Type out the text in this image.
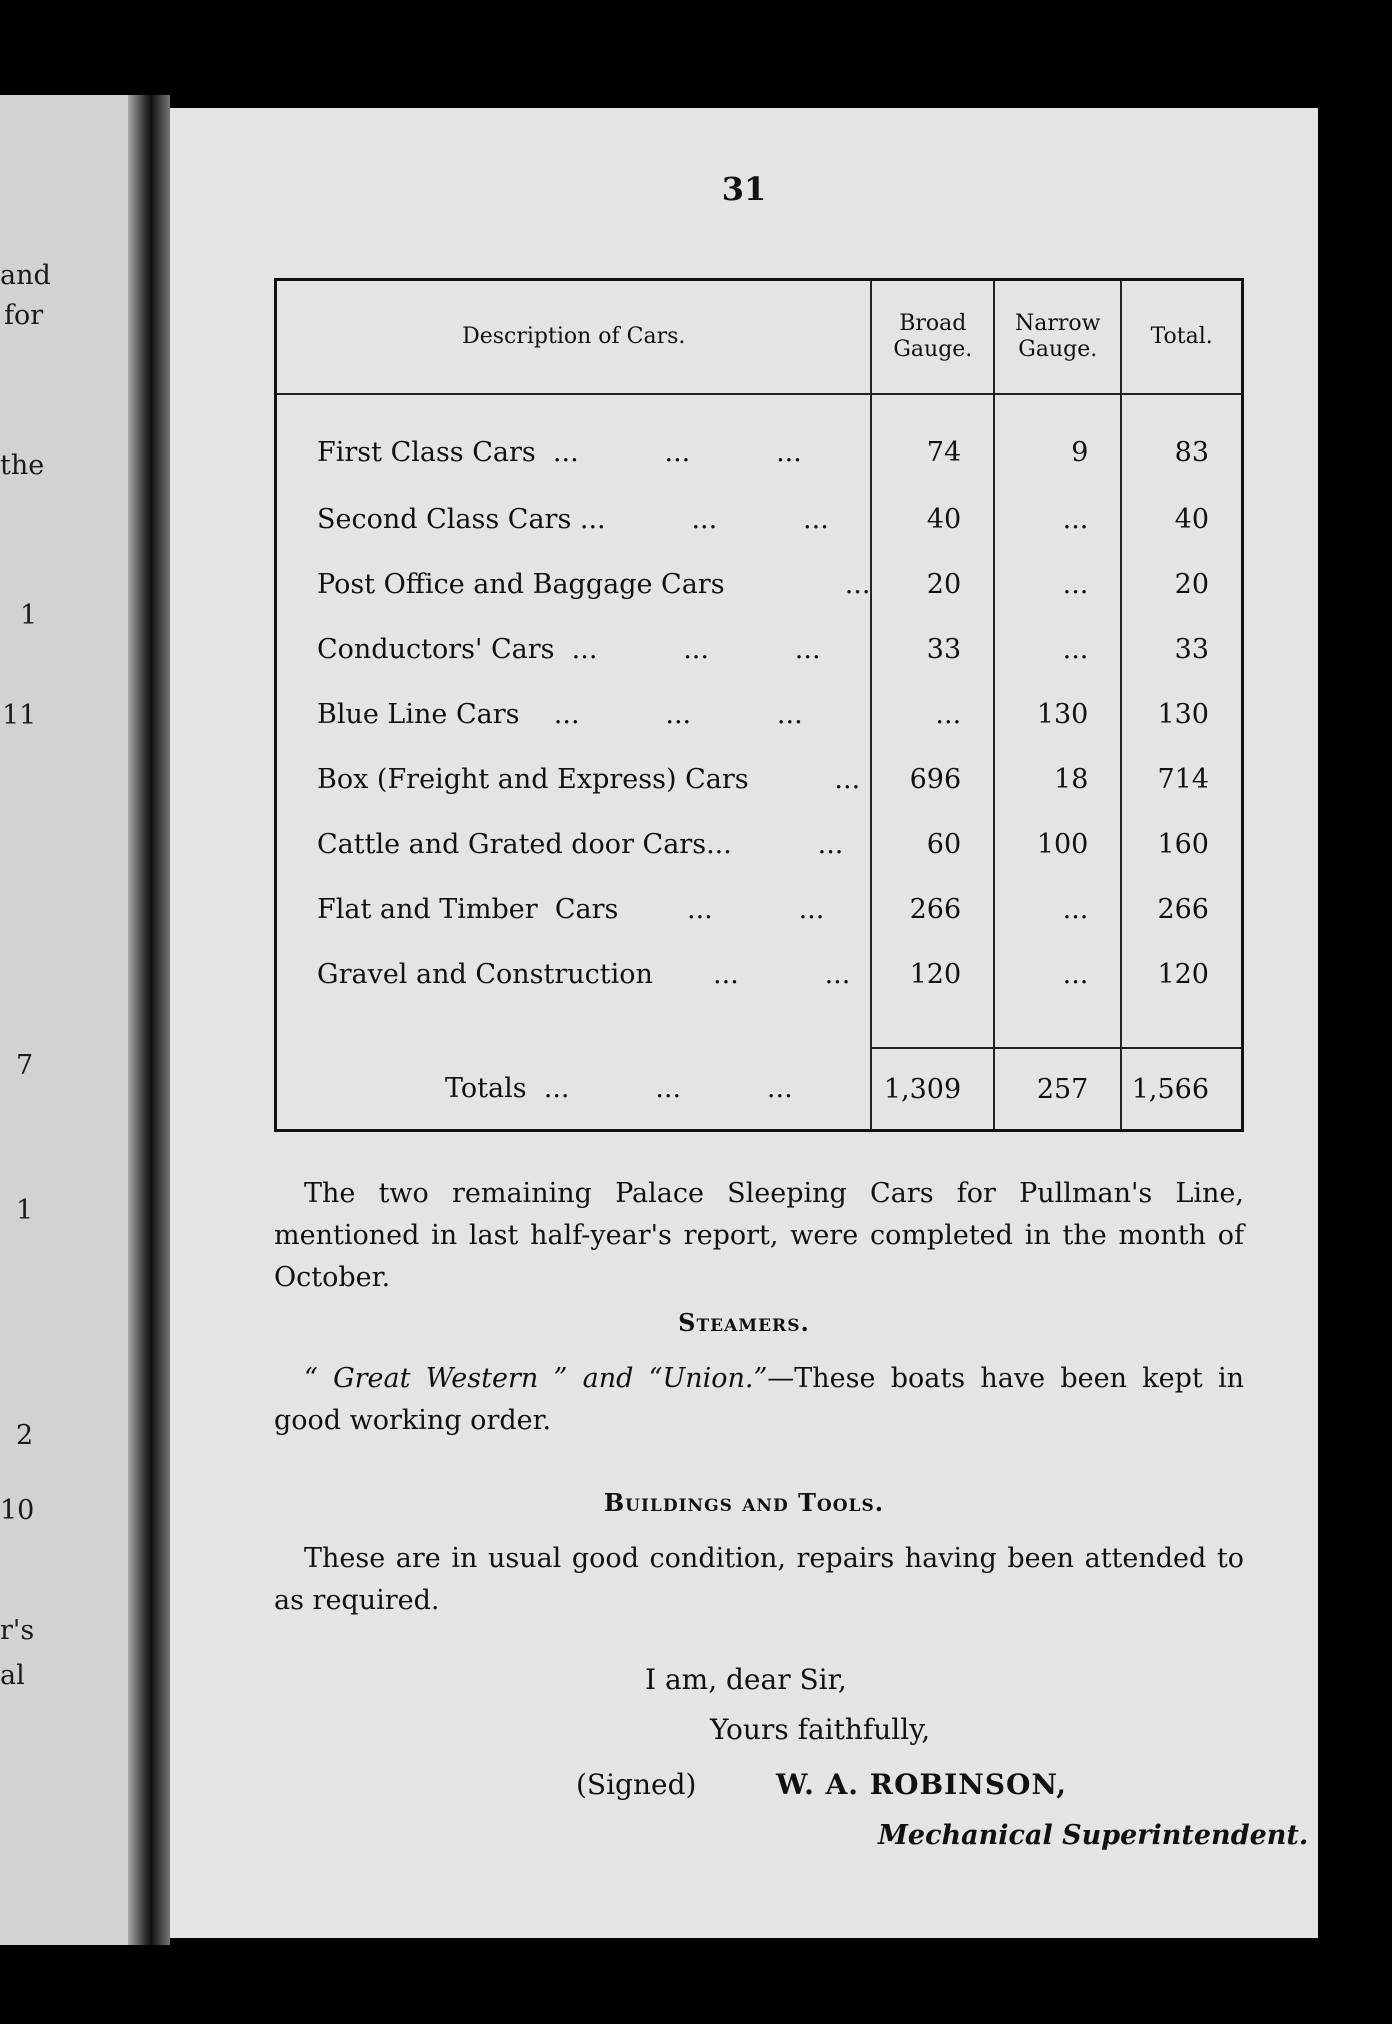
and
for
the
1
11
7
1
2
10
r's
al
31
Description of Cars.	Broad Gauge.	Narrow Gauge.	Total.
First Class Cars  ...          ...          ...	74	9	83
Second Class Cars ...          ...          ...	40	...	40
Post Office and Baggage Cars              ...	20	...	20
Conductors' Cars  ...          ...          ...	33	...	33
Blue Line Cars    ...          ...          ...	...	130	130
Box (Freight and Express) Cars          ...	696	18	714
Cattle and Grated door Cars...          ...	60	100	160
Flat and Timber  Cars        ...          ...	266	...	266
Gravel and Construction       ...          ...	120	...	120

Totals  ...          ...          ...	1,309	257	1,566
The two remaining Palace Sleeping Cars for Pullman's Line, mentioned in last half-year's report, were completed in the month of October.
Steamers.
“ Great Western ” and “Union.”—These boats have been kept in good working order.
Buildings and Tools.
These are in usual good condition, repairs having been attended to as required.
I am, dear Sir,
Yours faithfully,
(Signed)	W. A. ROBINSON,
Mechanical Superintendent.
